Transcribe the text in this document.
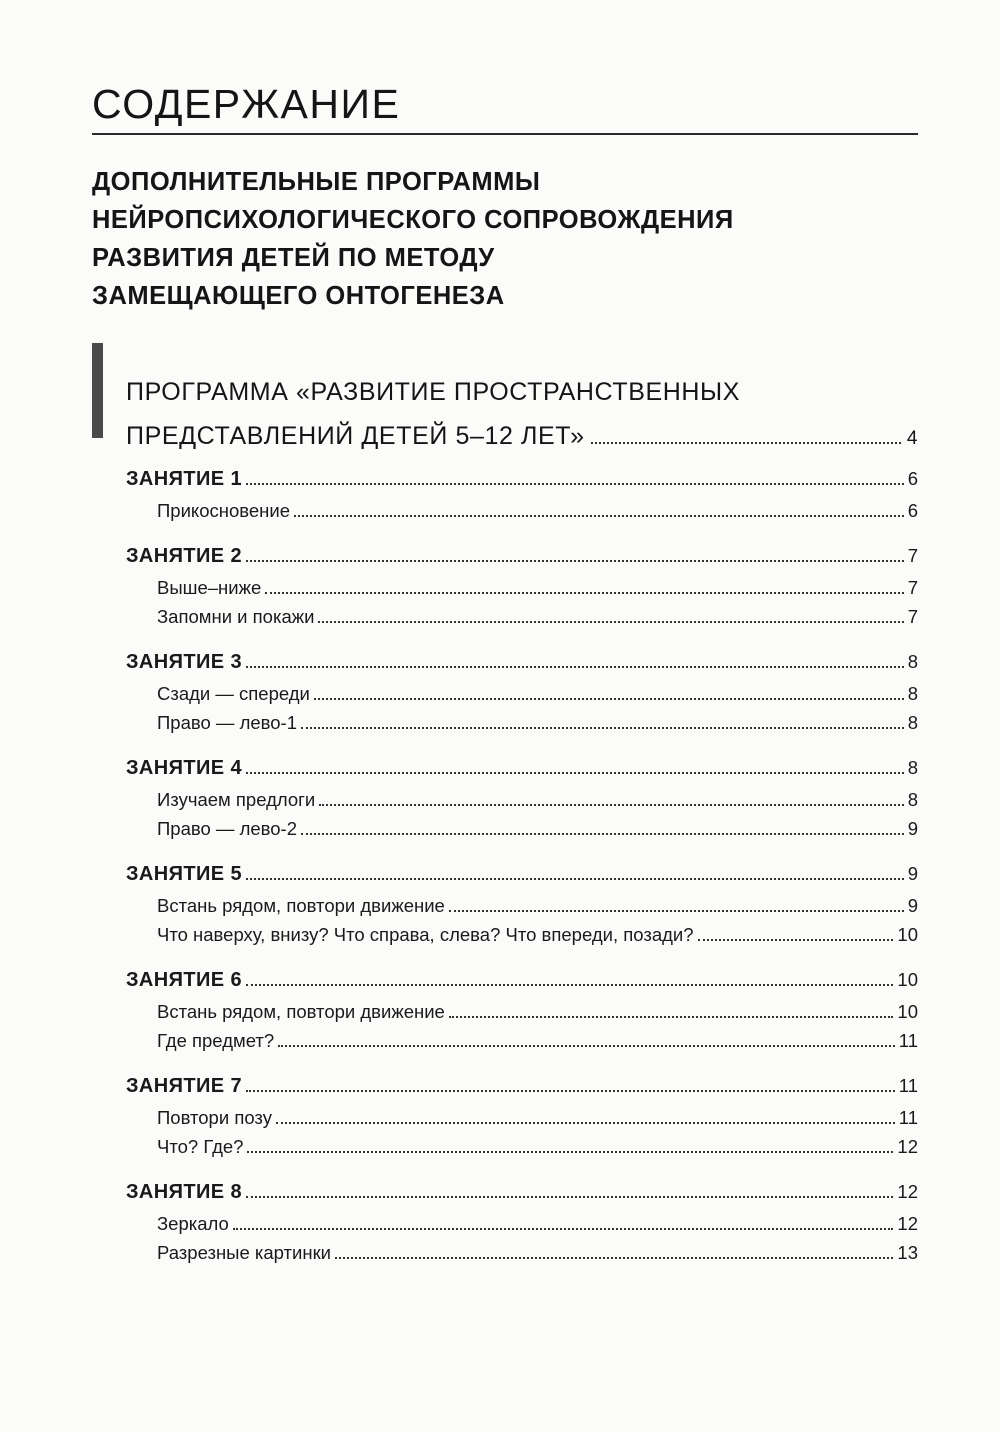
СОДЕРЖАНИЕ
ДОПОЛНИТЕЛЬНЫЕ ПРОГРАММЫ
НЕЙРОПСИХОЛОГИЧЕСКОГО СОПРОВОЖДЕНИЯ
РАЗВИТИЯ ДЕТЕЙ ПО МЕТОДУ
ЗАМЕЩАЮЩЕГО ОНТОГЕНЕЗА
ПРОГРАММА «РАЗВИТИЕ ПРОСТРАНСТВЕННЫХ
ПРЕДСТАВЛЕНИЙ ДЕТЕЙ 5–12 ЛЕТ»	4
ЗАНЯТИЕ 1	6
Прикосновение	6
ЗАНЯТИЕ 2	7
Выше–ниже	7
Запомни и покажи	7
ЗАНЯТИЕ 3	8
Сзади — спереди	8
Право — лево-1	8
ЗАНЯТИЕ 4	8
Изучаем предлоги	8
Право — лево-2	9
ЗАНЯТИЕ 5	9
Встань рядом, повтори движение	9
Что наверху, внизу? Что справа, слева? Что впереди, позади?	10
ЗАНЯТИЕ 6	10
Встань рядом, повтори движение	10
Где предмет?	11
ЗАНЯТИЕ 7	11
Повтори позу	11
Что? Где?	12
ЗАНЯТИЕ 8	12
Зеркало	12
Разрезные картинки	13
